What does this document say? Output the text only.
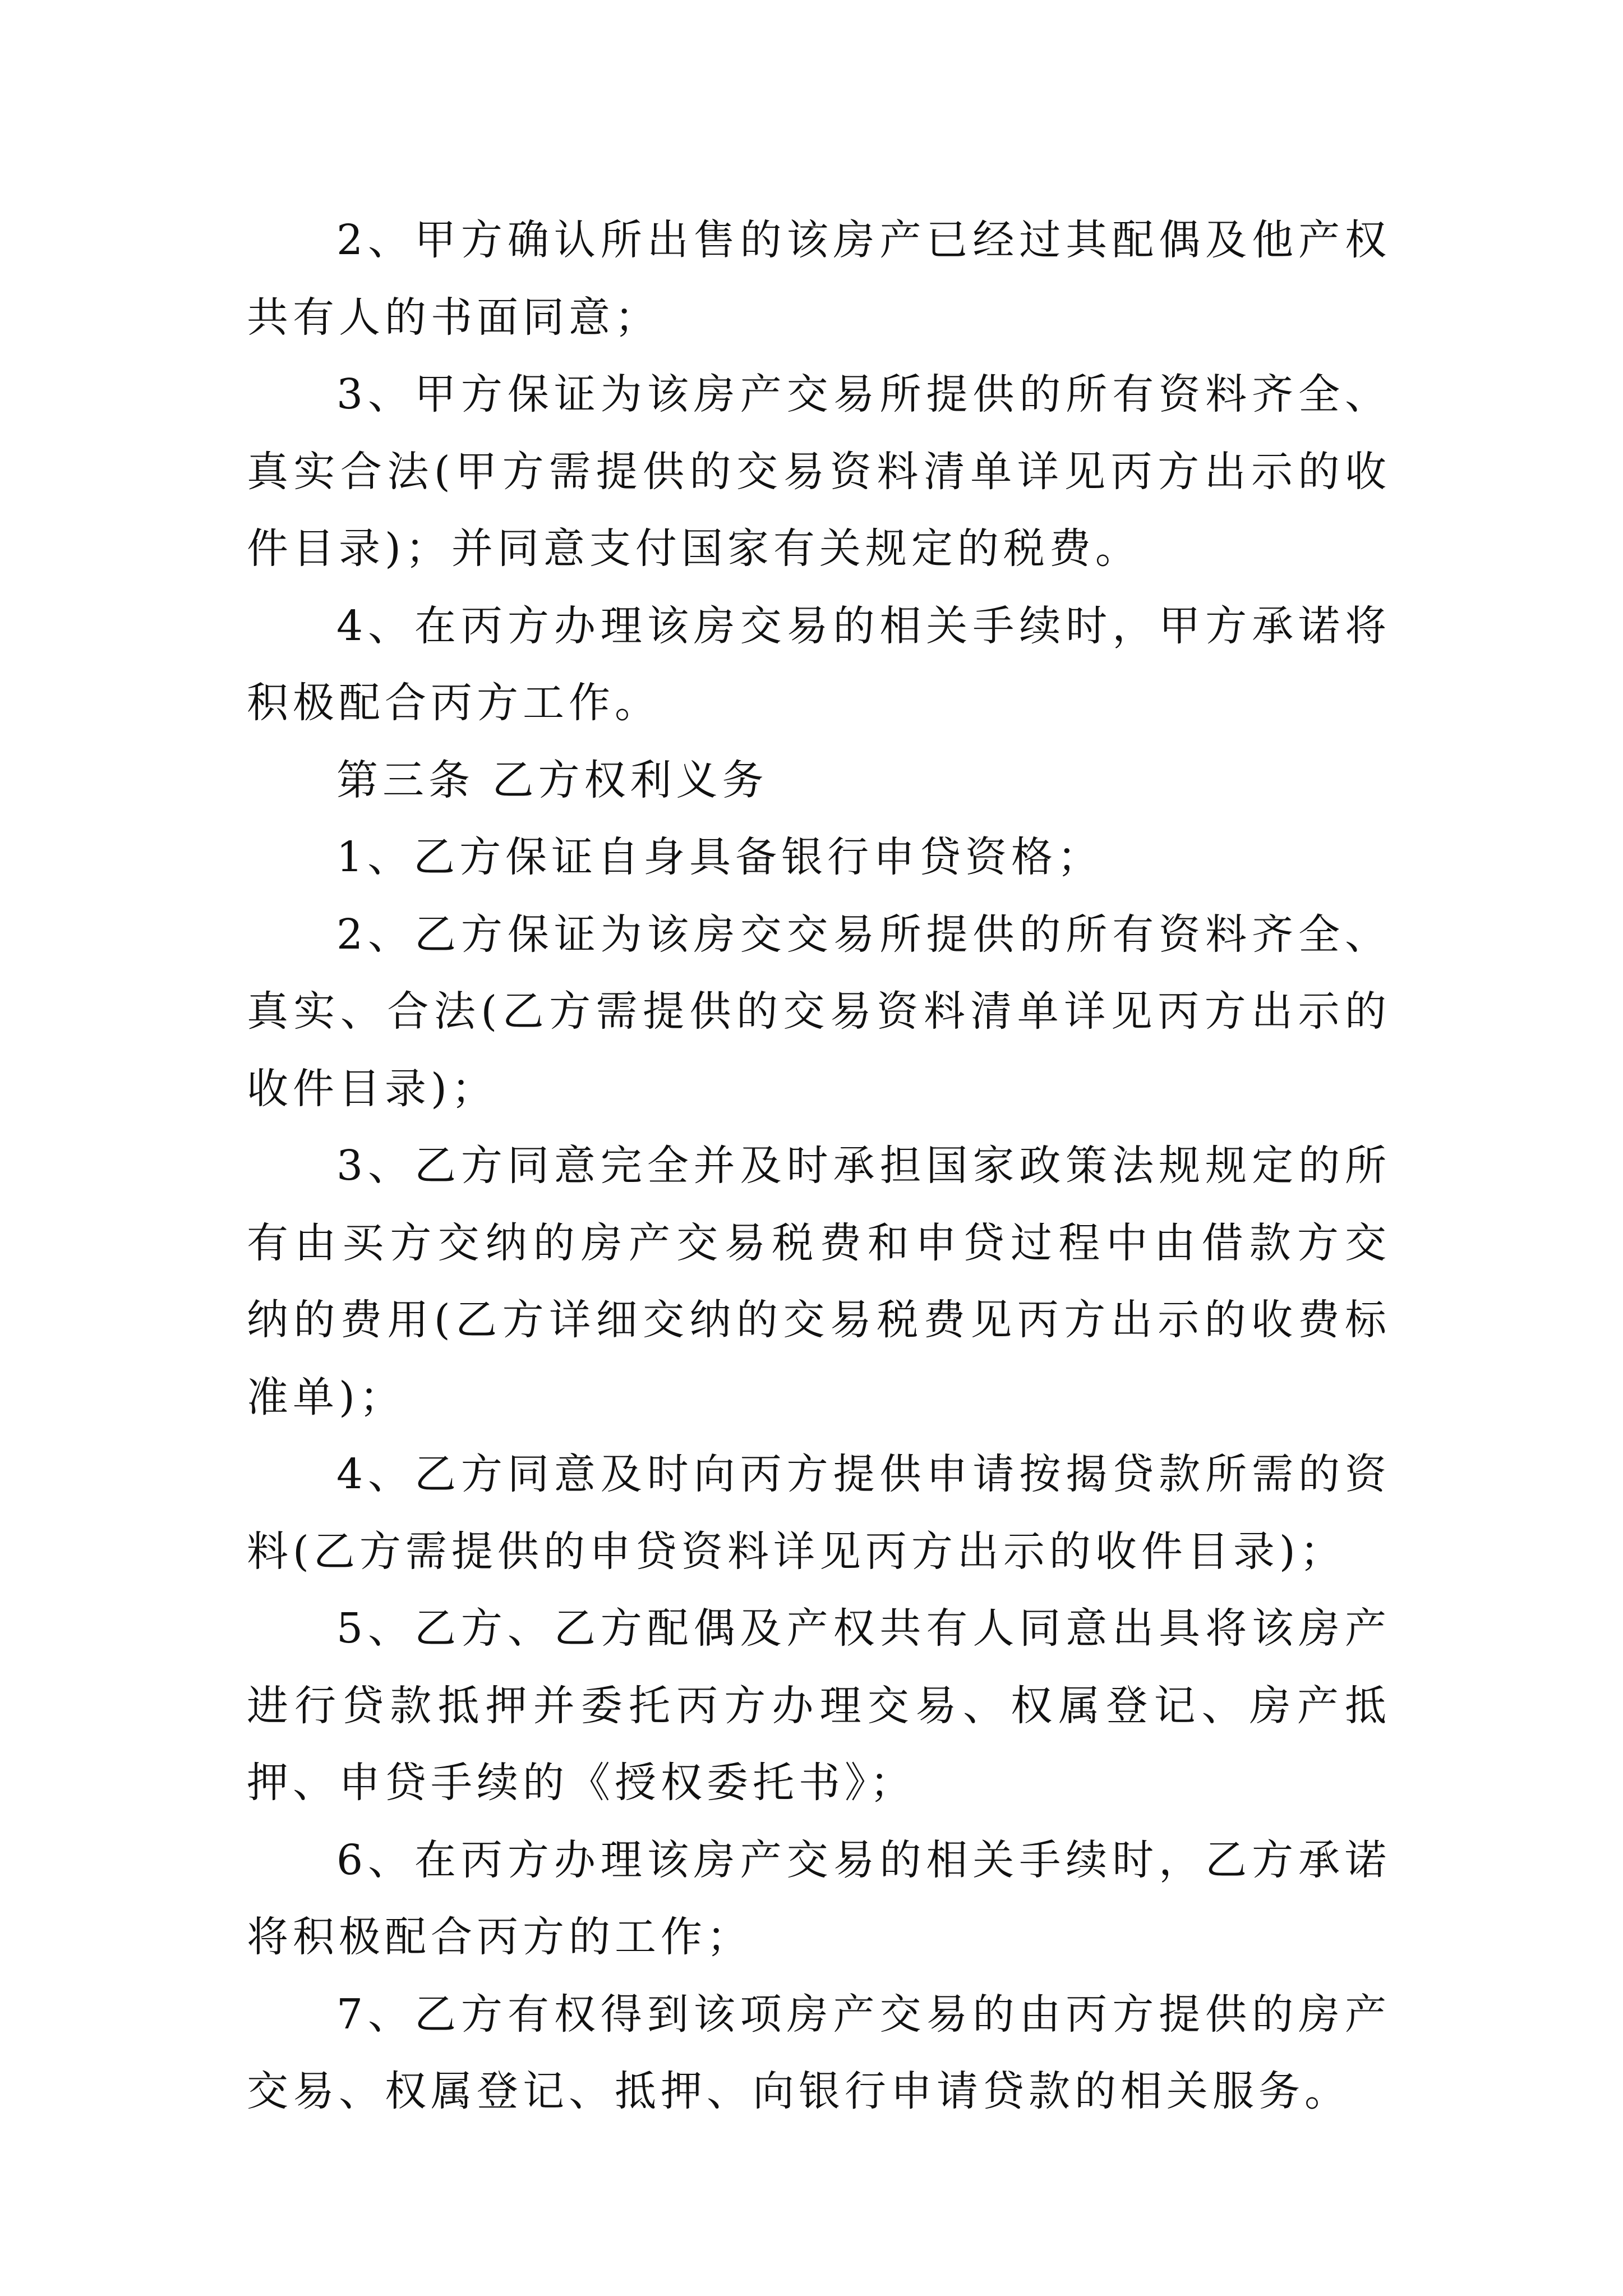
2、甲方确认所出售的该房产已经过其配偶及他产权共有人的书面同意；

3、甲方保证为该房产交易所提供的所有资料齐全、真实合法(甲方需提供的交易资料清单详见丙方出示的收件目录)；并同意支付国家有关规定的税费。

4、在丙方办理该房交易的相关手续时，甲方承诺将积极配合丙方工作。

第三条 乙方权利义务

1、乙方保证自身具备银行申贷资格；

2、乙方保证为该房交交易所提供的所有资料齐全、真实、合法(乙方需提供的交易资料清单详见丙方出示的收件目录)；

3、乙方同意完全并及时承担国家政策法规规定的所有由买方交纳的房产交易税费和申贷过程中由借款方交纳的费用(乙方详细交纳的交易税费见丙方出示的收费标准单)；

4、乙方同意及时向丙方提供申请按揭贷款所需的资料(乙方需提供的申贷资料详见丙方出示的收件目录)；

5、乙方、乙方配偶及产权共有人同意出具将该房产进行贷款抵押并委托丙方办理交易、权属登记、房产抵押、申贷手续的《授权委托书》；

6、在丙方办理该房产交易的相关手续时，乙方承诺将积极配合丙方的工作；

7、乙方有权得到该项房产交易的由丙方提供的房产交易、权属登记、抵押、向银行申请贷款的相关服务。
